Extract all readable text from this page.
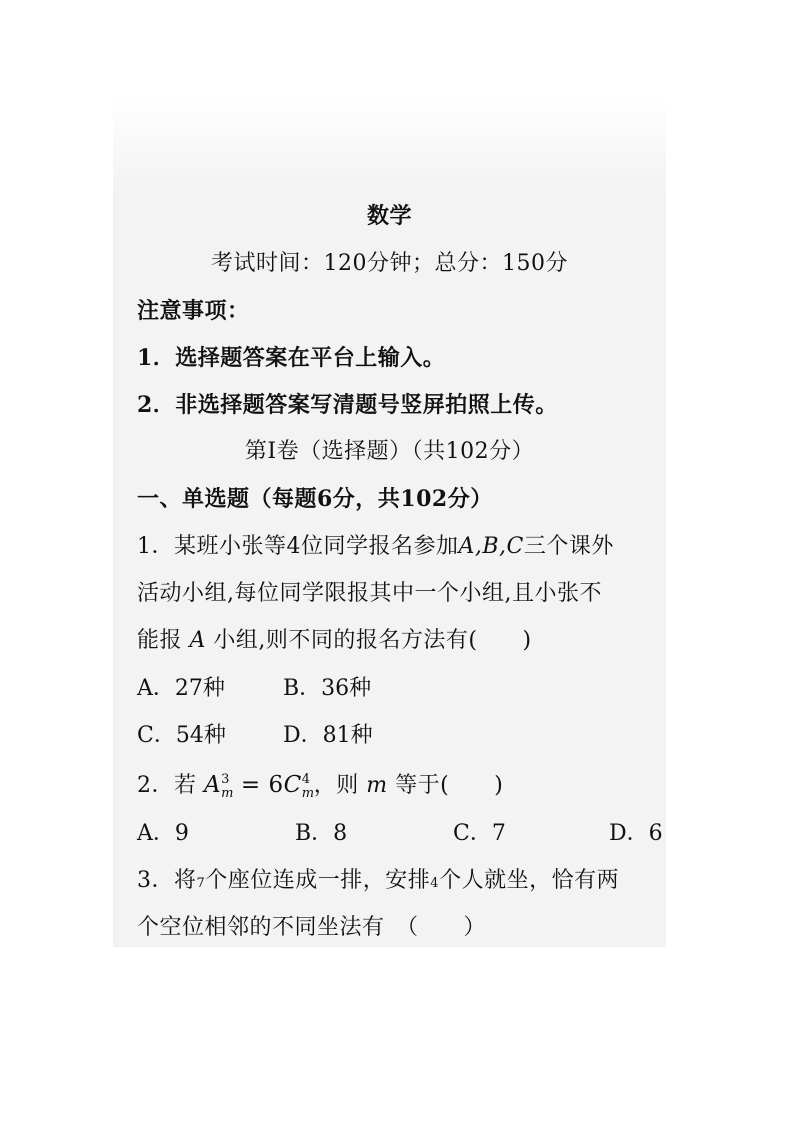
数学
考试时间：120分钟；总分：150分
注意事项：
1．选择题答案在平台上输入。
2．非选择题答案写清题号竖屏拍照上传。
第I卷（选择题）（共102分）
一、单选题（每题6分，共102分）
1．某班小张等4位同学报名参加A,B,C三个课外
活动小组,每位同学限报其中一个小组,且小张不
能报 A 小组,则不同的报名方法有(　　)
A．27种	B．36种
C．54种	D．81种
2．若 A 3
m = 6C 4
m ，则 m 等于(　　)
A．9	B．8	C．7	D．6
3．将7个座位连成一排，安排4个人就坐，恰有两
个空位相邻的不同坐法有　（　　）
